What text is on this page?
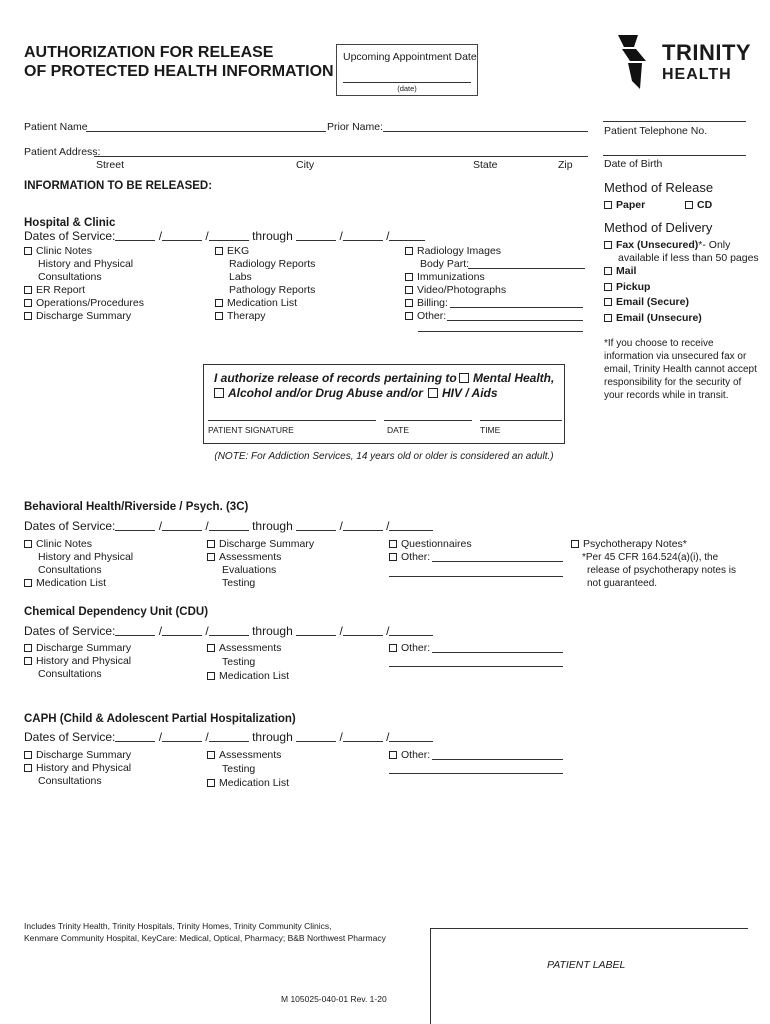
AUTHORIZATION FOR RELEASE
OF PROTECTED HEALTH INFORMATION
Upcoming Appointment Date
(date)
TRINITY
HEALTH
Patient Name	Prior Name:	Patient Telephone No.
Patient Address:
Street	City	State	Zip	Date of Birth
INFORMATION TO BE RELEASED:	Method of Release
Paper	CD
Method of Delivery
Fax (Unsecured)*- Only
available if less than 50 pages
Mail
Pickup
Email (Secure)
Email (Unsecure)
*If you choose to receive
information via unsecured fax or
email, Trinity Health cannot accept
responsibility for the security of
your records while in transit.
Hospital & Clinic
Dates of Service:	/	/	through	/	/
Clinic Notes
History and Physical
Consultations
ER Report
Operations/Procedures
Discharge Summary
EKG
Radiology Reports
Labs
Pathology Reports
Medication List
Therapy
Radiology Images
Body Part:
Immunizations
Video/Photographs
Billing:
Other:
I authorize release of records pertaining to	Mental Health,
Alcohol and/or Drug Abuse and/or	HIV / Aids
PATIENT SIGNATURE	DATE	TIME
(NOTE: For Addiction Services, 14 years old or older is considered an adult.)
Behavioral Health/Riverside / Psych. (3C)
Dates of Service:	/	/	through	/	/
Clinic Notes
History and Physical
Consultations
Medication List
Discharge Summary
Assessments
Evaluations
Testing
Questionnaires
Other:
Psychotherapy Notes*
*Per 45 CFR 164.524(a)(i), the
release of psychotherapy notes is
not guaranteed.
Chemical Dependency Unit (CDU)
Dates of Service:	/	/	through	/	/
Discharge Summary
History and Physical
Consultations
Assessments
Testing
Medication List
Other:
CAPH (Child & Adolescent Partial Hospitalization)
Dates of Service:	/	/	through	/	/
Discharge Summary
History and Physical
Consultations
Assessments
Testing
Medication List
Other:
Includes Trinity Health, Trinity Hospitals, Trinity Homes, Trinity Community Clinics,
Kenmare Community Hospital, KeyCare: Medical, Optical, Pharmacy; B&B Northwest Pharmacy
PATIENT LABEL
M 105025-040-01 Rev. 1-20
